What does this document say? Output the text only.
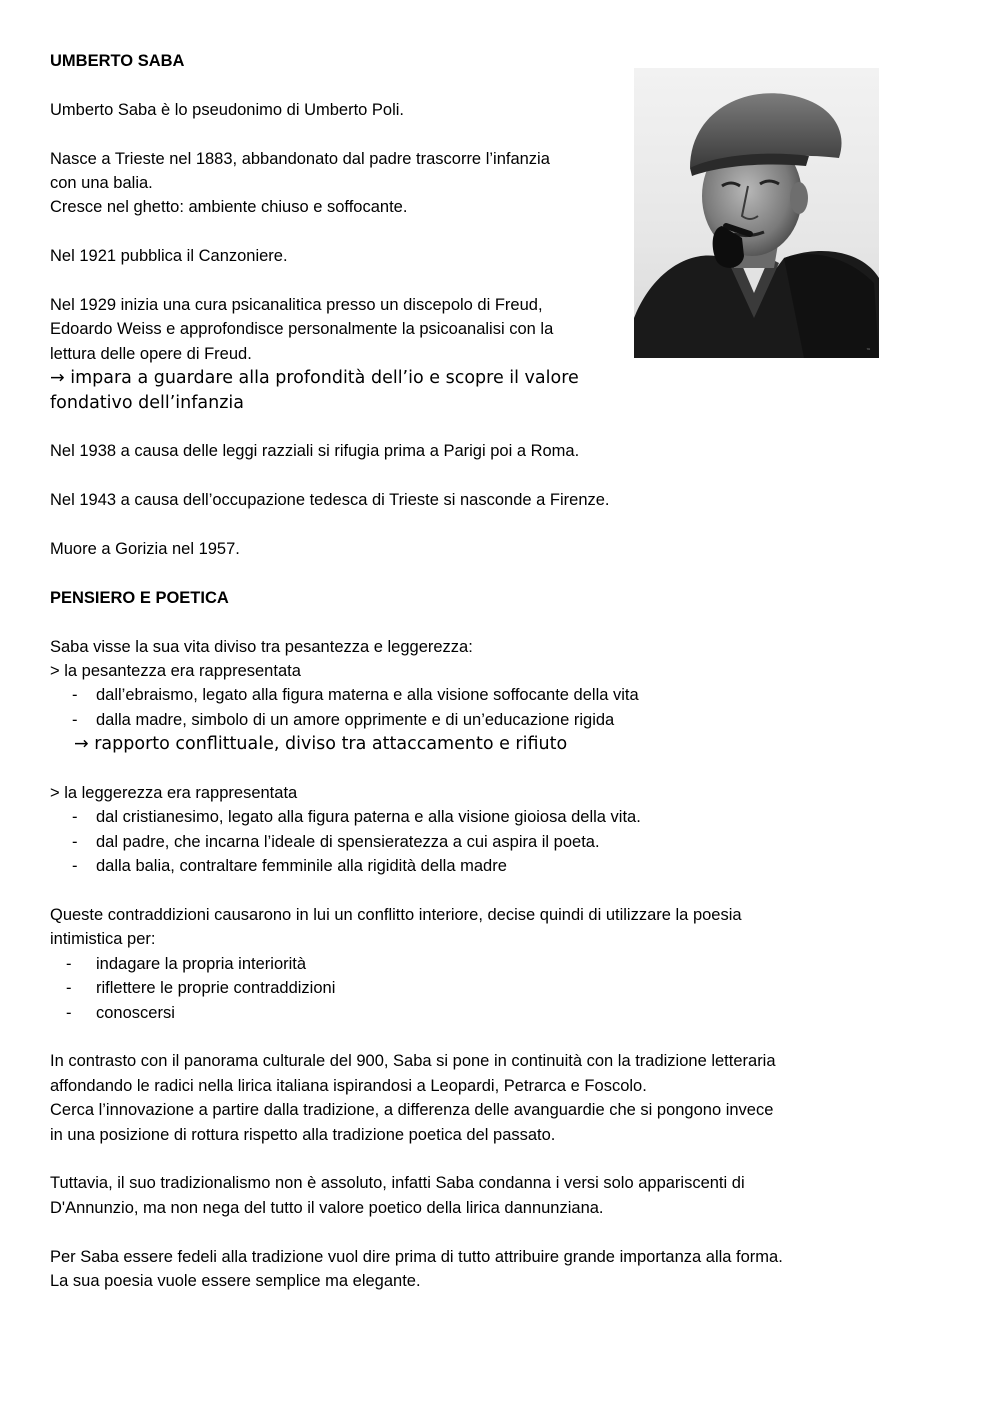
™

UMBERTO SABA

Umberto Saba è lo pseudonimo di Umberto Poli.

Nasce a Trieste nel 1883, abbandonato dal padre trascorre l’infanzia

con una balia.

Cresce nel ghetto: ambiente chiuso e soffocante.

Nel 1921 pubblica il Canzoniere.

Nel 1929 inizia una cura psicanalitica presso un discepolo di Freud,

Edoardo Weiss e approfondisce personalmente la psicoanalisi con la

lettura delle opere di Freud.

→ impara a guardare alla profondità dell’io e scopre il valore

fondativo dell’infanzia

Nel 1938 a causa delle leggi razziali si rifugia prima a Parigi poi a Roma.

Nel 1943 a causa dell’occupazione tedesca di Trieste si nasconde a Firenze.

Muore a Gorizia nel 1957.

PENSIERO E POETICA

Saba visse la sua vita diviso tra pesantezza e leggerezza:

> la pesantezza era rappresentata

-	dall’ebraismo, legato alla figura materna e alla visione soffocante della vita
-	dalla madre, simbolo di un amore opprimente e di un’educazione rigida

→ rapporto conflittuale, diviso tra attaccamento e rifiuto

> la leggerezza era rappresentata

-	dal cristianesimo, legato alla figura paterna e alla visione gioiosa della vita.
-	dal padre, che incarna l’ideale di spensieratezza a cui aspira il poeta.
-	dalla balia, contraltare femminile alla rigidità della madre

Queste contraddizioni causarono in lui un conflitto interiore, decise quindi di utilizzare la poesia

intimistica per:

-	indagare la propria interiorità
-	riflettere le proprie contraddizioni
-	conoscersi

In contrasto con il panorama culturale del 900, Saba si pone in continuità con la tradizione letteraria

affondando le radici nella lirica italiana ispirandosi a Leopardi, Petrarca e Foscolo.

Cerca l’innovazione a partire dalla tradizione, a differenza delle avanguardie che si pongono invece

in una posizione di rottura rispetto alla tradizione poetica del passato.

Tuttavia, il suo tradizionalismo non è assoluto, infatti Saba condanna i versi solo appariscenti di

D'Annunzio, ma non nega del tutto il valore poetico della lirica dannunziana.

Per Saba essere fedeli alla tradizione vuol dire prima di tutto attribuire grande importanza alla forma.

La sua poesia vuole essere semplice ma elegante.
